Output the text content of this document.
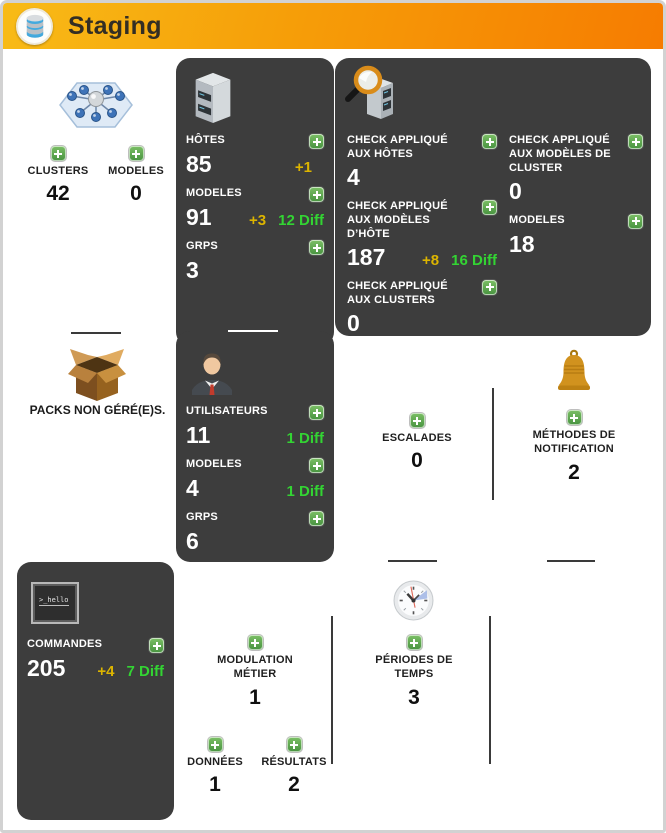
Staging
CLUSTERS
42
MODELES
0
PACKS NON GÉRÉ(E)S.
HÔTES
85	+1
MODELES
91	+3 12 Diff
GRPS
3
CHECK APPLIQUÉ AUX HÔTES
4
CHECK APPLIQUÉ AUX MODÈLES D’HÔTE
187	+8 16 Diff
CHECK APPLIQUÉ AUX CLUSTERS
0
CHECK APPLIQUÉ AUX MODÈLES DE CLUSTER
0
MODELES
18
UTILISATEURS
11	1 Diff
MODELES
4	1 Diff
GRPS
6
ESCALADES
0
MÉTHODES DE NOTIFICATION
2
>_hello
COMMANDES
205	+4 7 Diff
MODULATION MÉTIER
1
DONNÉES
1
RÉSULTATS
2
PÉRIODES DE TEMPS
3
